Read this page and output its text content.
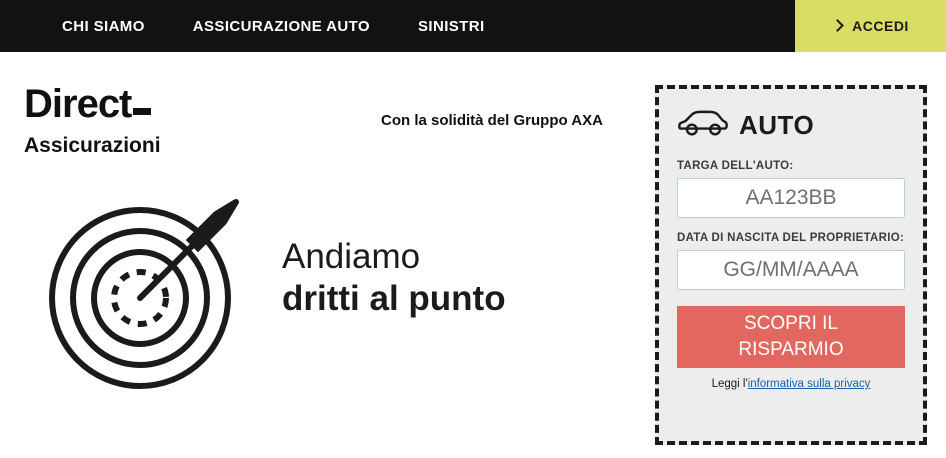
CHI SIAMO	ASSICURAZIONE AUTO	SINISTRI	ACCEDI
Direct
Assicurazioni
Con la solidità del Gruppo AXA
Andiamo
dritti al punto
AUTO
TARGA DELL'AUTO:
AA123BB
DATA DI NASCITA DEL PROPRIETARIO:
GG/MM/AAAA SCOPRI IL
RISPARMIO
Leggi l'informativa sulla privacy
